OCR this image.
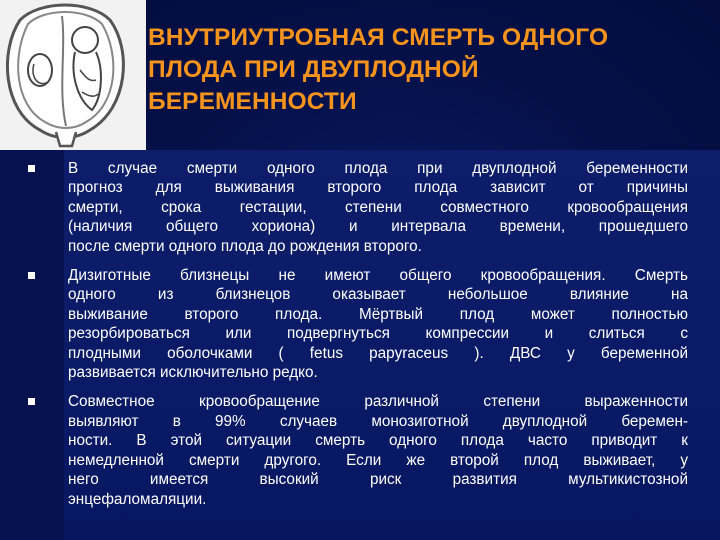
ВНУТРИУТРОБНАЯ СМЕРТЬ ОДНОГО
ПЛОДА ПРИ ДВУПЛОДНОЙ
БЕРЕМЕННОСТИ
В случае смерти одного плода при двуплодной беременности
прогноз для выживания второго плода зависит от причины
смерти, срока гестации, степени совместного кровообращения
(наличия общего хориона) и интервала времени, прошедшего
после смерти одного плода до рождения второго.
Дизиготные близнецы не имеют общего кровообращения. Смерть
одного из близнецов оказывает небольшое влияние на
выживание второго плода. Мёртвый плод может полностью
резорбироваться или подвергнуться компрессии и слиться с
плодными оболочками ( fetus papyraceus ). ДВС у беременной
развивается исключительно редко.
Совместное кровообращение различной степени выраженности
выявляют в 99% случаев монозиготной двуплодной беремен-
ности. В этой ситуации смерть одного плода часто приводит к
немедленной смерти другого. Если же второй плод выживает, у
него имеется высокий риск развития мультикистозной
энцефаломаляции.
